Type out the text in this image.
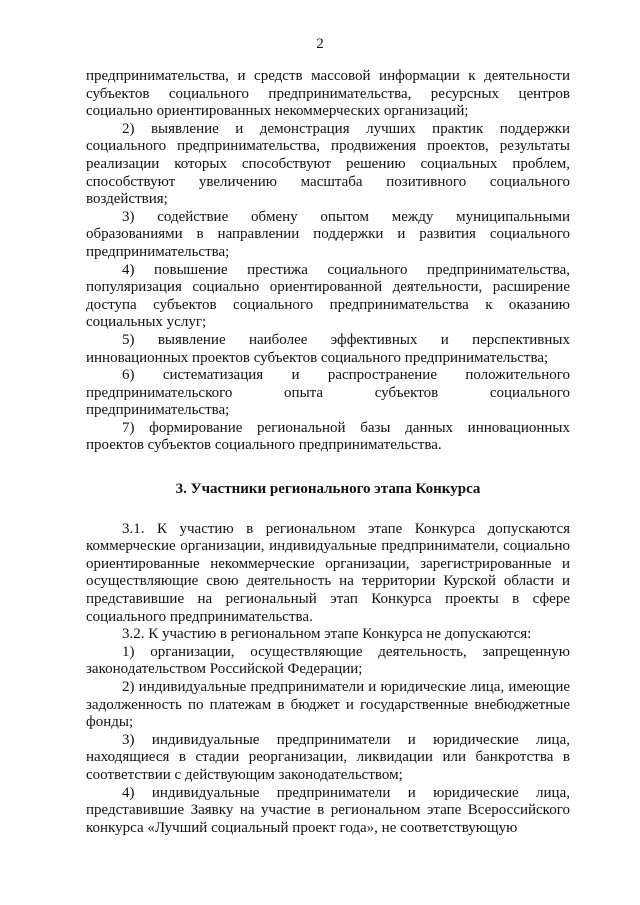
2

предпринимательства, и средств массовой информации к деятельности субъектов социального предпринимательства, ресурсных центров социально ориентированных некоммерческих организаций;

2) выявление и демонстрация лучших практик поддержки социального предпринимательства, продвижения проектов, результаты реализации которых способствуют решению социальных проблем, способствуют увеличению масштаба позитивного социального воздействия;

3) содействие обмену опытом между муниципальными образованиями в направлении поддержки и развития социального предпринимательства;

4) повышение престижа социального предпринимательства, популяризация социально ориентированной деятельности, расширение доступа субъектов социального предпринимательства к оказанию социальных услуг;

5) выявление наиболее эффективных и перспективных инновационных проектов субъектов социального предпринимательства;

6) систематизация и распространение положительного предпринимательского опыта субъектов социального предпринимательства;

7) формирование региональной базы данных инновационных проектов субъектов социального предпринимательства.

3. Участники регионального этапа Конкурса

3.1. К участию в региональном этапе Конкурса допускаются коммерческие организации, индивидуальные предприниматели, социально ориентированные некоммерческие организации, зарегистрированные и осуществляющие свою деятельность на территории Курской области и представившие на региональный этап Конкурса проекты в сфере социального предпринимательства.

3.2. К участию в региональном этапе Конкурса не допускаются:

1) организации, осуществляющие деятельность, запрещенную законодательством Российской Федерации;

2) индивидуальные предприниматели и юридические лица, имеющие задолженность по платежам в бюджет и государственные внебюджетные фонды;

3) индивидуальные предприниматели и юридические лица, находящиеся в стадии реорганизации, ликвидации или банкротства в соответствии с действующим законодательством;

4) индивидуальные предприниматели и юридические лица, представившие Заявку на участие в региональном этапе Всероссийского конкурса «Лучший социальный проект года», не соответствующую
